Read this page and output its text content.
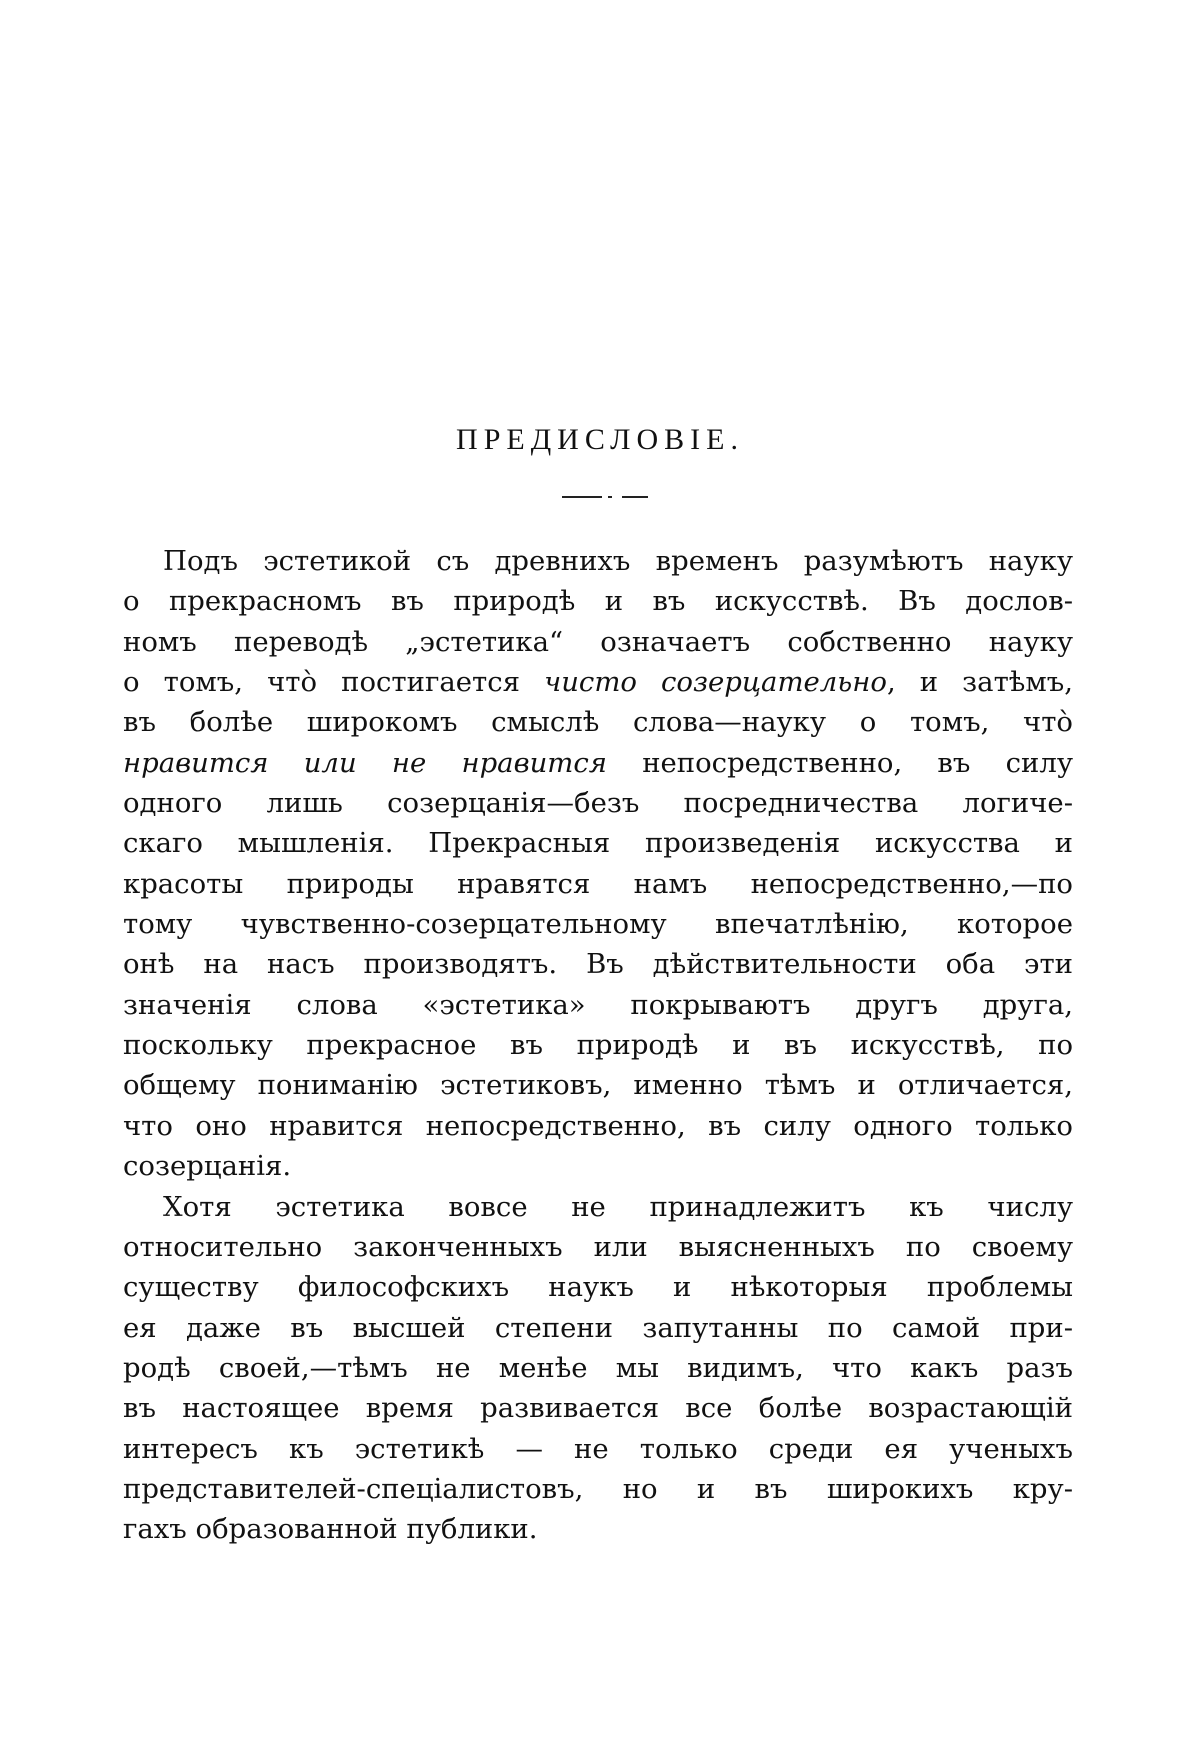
ПРЕДИСЛОВІЕ.
Подъ эстетикой съ древнихъ временъ разумѣютъ науку
о прекрасномъ въ природѣ и въ искусствѣ. Въ дослов-
номъ переводѣ „эстетика“ означаетъ собственно науку
о томъ, что̀ постигается чисто созерцательно, и затѣмъ,
въ болѣе широкомъ смыслѣ слова—науку о томъ, что̀
нравится или не нравится непосредственно, въ силу
одного лишь созерцанія—безъ посредничества логиче-
скаго мышленія. Прекрасныя произведенія искусства и
красоты природы нравятся намъ непосредственно,—по
тому чувственно-созерцательному впечатлѣнію, которое
онѣ на насъ производятъ. Въ дѣйствительности оба эти
значенія слова «эстетика» покрываютъ другъ друга,
поскольку прекрасное въ природѣ и въ искусствѣ, по
общему пониманію эстетиковъ, именно тѣмъ и отличается,
что оно нравится непосредственно, въ силу одного только
созерцанія.
Хотя эстетика вовсе не принадлежитъ къ числу
относительно законченныхъ или выясненныхъ по своему
существу философскихъ наукъ и нѣкоторыя проблемы
ея даже въ высшей степени запутанны по самой при-
родѣ своей,—тѣмъ не менѣе мы видимъ, что какъ разъ
въ настоящее время развивается все болѣе возрастающій
интересъ къ эстетикѣ — не только среди ея ученыхъ
представителей-спеціалистовъ, но и въ широкихъ кру-
гахъ образованной публики.
